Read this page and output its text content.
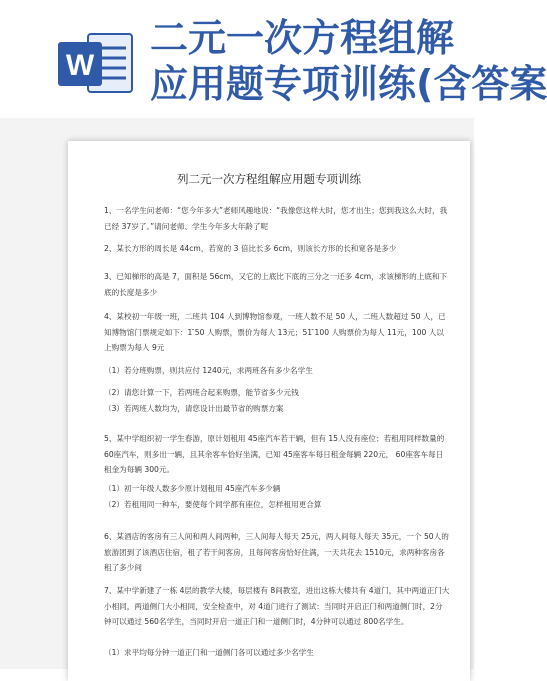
W
二元一次方程组解
应用题专项训练(含答案
列二元一次方程组解应用题专项训练
1、一名学生问老师：“您今年多大”老师风趣地说：“我像您这样大时，您才出生；您到我这么大时，我已经 37岁了。”请问老师、学生今年多大年龄了呢
2、某长方形的周长是 44cm，若宽的 3 倍比长多 6cm，则该长方形的长和宽各是多少
3、已知梯形的高是 7，面积是 56cm，又它的上底比下底的三分之一还多 4cm，求该梯形的上底和下底的长度是多少
4、某校初一年级一班，二班共 104 人到博物馆参观，一班人数不足 50 人，二班人数超过 50 人，已知博物馆门票规定如下：1 ̄50 人购票，票价为每人 13元；51 ̄100 人购票价为每人 11元，100 人以上购票为每人 9元
（1）若分班购票，则共应付 1240元，求两班各有多少名学生
（2）请您计算一下，若两班合起来购票，能节省多少元钱
（3）若两班人数均为，请您设计出最节省的购票方案
5、某中学组织初一学生春游，原计划租用 45座汽车若干辆，但有 15人没有座位；若租用同样数量的 60座汽车，则多出一辆，且其余客车恰好坐满，已知 45座客车每日租金每辆 220元， 60座客车每日租金为每辆 300元。
（1）初一年级人数多少原计划租用 45座汽车多少辆
（2）若租用同一种车，要使每个同学都有座位，怎样租用更合算
6、某酒店的客房有三人间和两人间两种，三人间每人每天 25元，两人间每人每天 35元，一个 50人的旅游团到了该酒店住宿，租了若干间客房，且每间客房恰好住满，一天共花去 1510元，求两种客房各租了多少间
7、某中学新建了一栋 4层的教学大楼，每层楼有 8间教室，进出这栋大楼共有 4道门，其中两道正门大小相同，两道侧门大小相同，安全检查中，对 4道门进行了测试：当同时开启正门和两道侧门时，2分钟可以通过 560名学生，当同时开启一道正门和一道侧门时，4分钟可以通过 800名学生。
（1）求平均每分钟一道正门和一道侧门各可以通过多少名学生
